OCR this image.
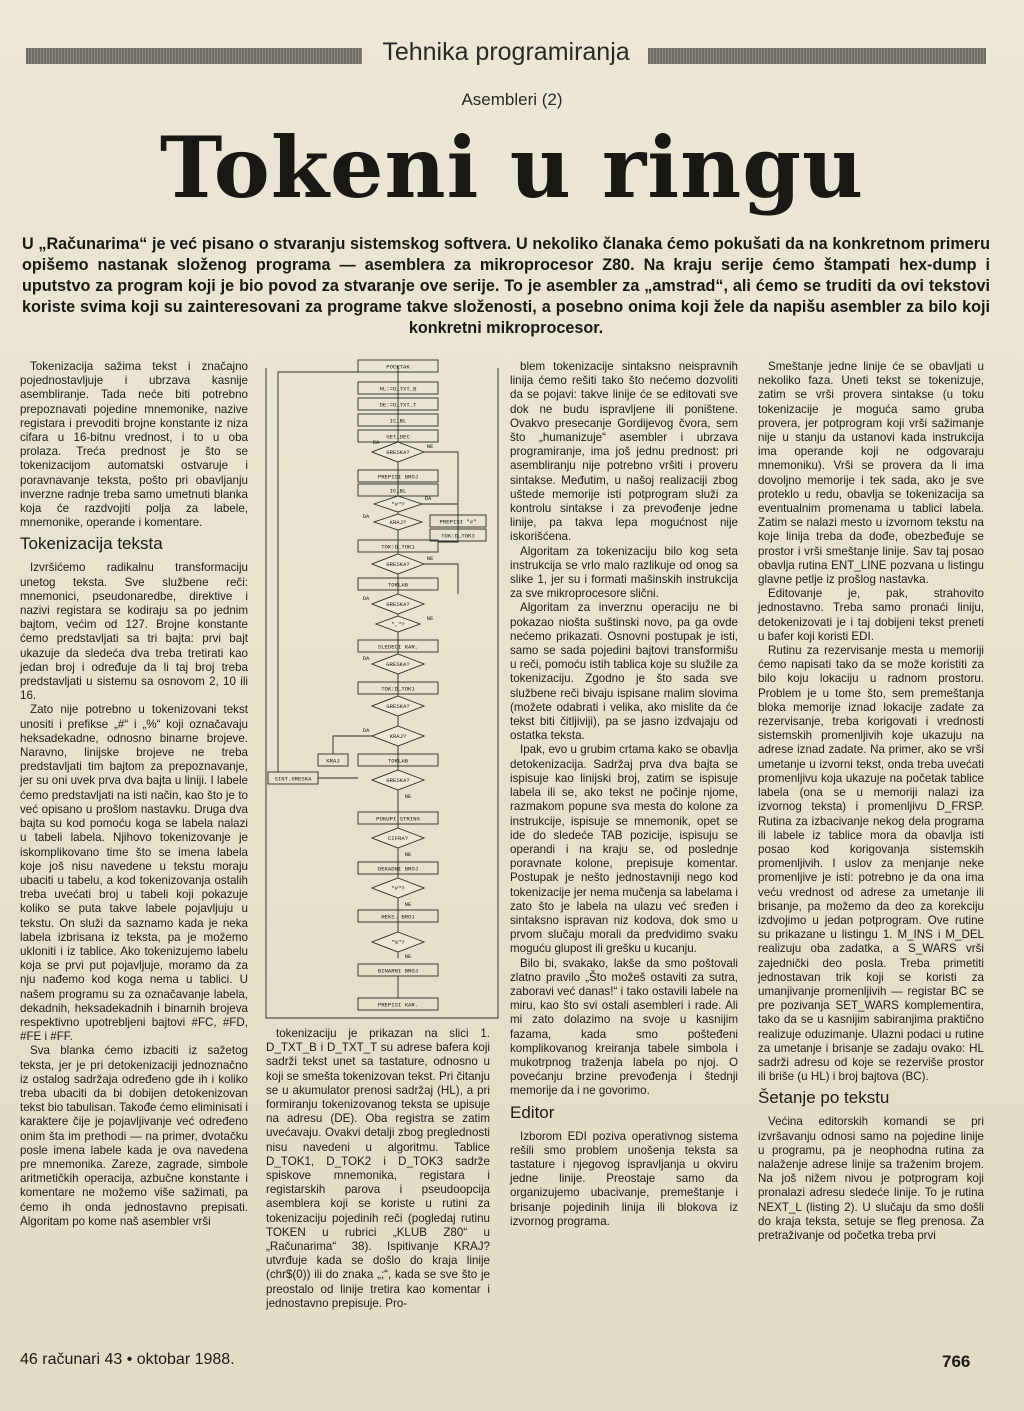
Tehnika programiranja
Asembleri (2)
Tokeni u ringu
U „Računarima“ je već pisano o stvaranju sistemskog softvera. U nekoliko članaka ćemo pokušati da na konkretnom primeru opišemo nastanak složenog programa — asemblera za mikroprocesor Z80. Na kraju serije ćemo štampati hex-dump i uputstvo za program koji je bio povod za stvaranje ove serije. To je asembler za „amstrad“, ali ćemo se truditi da ovi tekstovi koriste svima koji su zainteresovani za programe takve složenosti, a posebno onima koji žele da napišu asembler za bilo koji konkretni mikroprocesor.

Tokenizacija sažima tekst i značajno pojednostavljuje i ubrzava kasnije asembliranje. Tada neće biti potrebno prepoznavati pojedine mnemonike, nazive registara i prevoditi brojne konstante iz niza cifara u 16-bitnu vrednost, i to u oba prolaza. Treća prednost je što se tokenizacijom automatski ostvaruje i poravnavanje teksta, pošto pri obavljanju inverzne radnje treba samo umetnuti blanka koja će razdvojiti polja za labele, mnemonike, operande i komentare.

Tokenizacija teksta

Izvršićemo radikalnu transformaciju unetog teksta. Sve službene reči: mnemonici, pseudonaredbe, direktive i nazivi registara se kodiraju sa po jednim bajtom, većim od 127. Brojne konstante ćemo predstavljati sa tri bajta: prvi bajt ukazuje da sledeća dva treba tretirati kao jedan broj i određuje da li taj broj treba predstavljati u sistemu sa osnovom 2, 10 ili 16.

Zato nije potrebno u tokenizovani tekst unositi i prefikse „#“ i „%“ koji označavaju heksadekadne, odnosno binarne brojeve. Naravno, linijske brojeve ne treba predstavljati tim bajtom za prepoznavanje, jer su oni uvek prva dva bajta u liniji. I labele ćemo predstavljati na isti način, kao što je to već opisano u prošlom nastavku. Druga dva bajta su kod pomoću koga se labela nalazi u tabeli labela. Njihovo tokenizovanje je iskomplikovano time što se imena labela koje još nisu navedene u tekstu moraju ubaciti u tabelu, a kod tokenizovanja ostalih treba uvećati broj u tabeli koji pokazuje koliko se puta takve labele pojavljuju u tekstu. On služi da saznamo kada je neka labela izbrisana iz teksta, pa je možemo ukloniti i iz tablice. Ako tokenizujemo labelu koja se prvi put pojavljuje, moramo da za nju nađemo kod koga nema u tablici. U našem programu su za označavanje labela, dekadnih, heksadekadnih i binarnih brojeva respektivno upotrebljeni bajtovi #FC, #FD, #FE i #FF.

Sva blanka ćemo izbaciti iz sažetog teksta, jer je pri detokenizaciji jednoznačno iz ostalog sadržaja određeno gde ih i koliko treba ubaciti da bi dobijen detokenizovan tekst bio tabulisan. Takođe ćemo eliminisati i karaktere čije je pojavljivanje već određeno onim šta im prethodi — na primer, dvotačku posle imena labele kada je ova navedena pre mnemonika. Zareze, zagrade, simbole aritmetičkih operacija, azbučne konstante i komentare ne možemo više sažimati, pa ćemo ih onda jednostavno prepisati. Algoritam po kome naš asembler vrši

POCETAK
HL:=D_TXT_B
DE:=D_TXT_T
IC_BL
GET_DEC
GRESKA?
PREPISI BROJ
IC_BL
"#"?
KRAJ?	PREPISI "#"
TOK:D_TOK3
TOK:D_TOK1
GRESKA?
TOKLAB
GRESKA?
","?
SLEDECI KAR.
GRESKA?
TOK:D_TOK1
GRESKA?
KRAJ?
KRAJ	TOKLAB
SINT.GRESKA	GRESKA?
POKUPI STRING
CIFRA?
DEKADNI BROJ
"#"?
HEKS. BROJ
"%"?
BINARNI BROJ
PREPISI KAR.
DA
NE
DA
DA
NE
DA
NE
DA
DA
NE
NE
NE
NE

tokenizaciju je prikazan na slici 1. D_TXT_B i D_TXT_T su adrese bafera koji sadrži tekst unet sa tastature, odnosno u koji se smešta tokenizovan tekst. Pri čitanju se u akumulator prenosi sadržaj (HL), a pri formiranju tokenizovanog teksta se upisuje na adresu (DE). Oba registra se zatim uvećavaju. Ovakvi detalji zbog preglednosti nisu navedeni u algoritmu. Tablice D_TOK1, D_TOK2 i D_TOK3 sadrže spiskove mnemonika, registara i registarskih parova i pseudoopcija asemblera koji se koriste u rutini za tokenizaciju pojedinih reči (pogledaj rutinu TOKEN u rubrici „KLUB Z80“ u „Računarima“ 38). Ispitivanje KRAJ? utvrđuje kada se došlo do kraja linije (chr$(0)) ili do znaka „;“, kada se sve što je preostalo od linije tretira kao komentar i jednostavno prepisuje. Pro-

blem tokenizacije sintaksno neispravnih linija ćemo rešiti tako što nećemo dozvoliti da se pojavi: takve linije će se editovati sve dok ne budu ispravljene ili poništene. Ovakvo presecanje Gordijevog čvora, sem što „humanizuje“ asembler i ubrzava programiranje, ima još jednu prednost: pri asembliranju nije potrebno vršiti i proveru sintakse. Međutim, u našoj realizaciji zbog uštede memorije isti potprogram služi za kontrolu sintakse i za prevođenje jedne linije, pa takva lepa mogućnost nije iskorišćena.

Algoritam za tokenizaciju bilo kog seta instrukcija se vrlo malo razlikuje od onog sa slike 1, jer su i formati mašinskih instrukcija za sve mikroprocesore slični.

Algoritam za inverznu operaciju ne bi pokazao niošta suštinski novo, pa ga ovde nećemo prikazati. Osnovni postupak je isti, samo se sada pojedini bajtovi transformišu u reči, pomoću istih tablica koje su služile za tokenizaciju. Zgodno je što sada sve službene reči bivaju ispisane malim slovima (možete odabrati i velika, ako mislite da će tekst biti čitljiviji), pa se jasno izdvajaju od ostatka teksta.

Ipak, evo u grubim crtama kako se obavlja detokenizacija. Sadržaj prva dva bajta se ispisuje kao linijski broj, zatim se ispisuje labela ili se, ako tekst ne počinje njome, razmakom popune sva mesta do kolone za instrukcije, ispisuje se mnemonik, opet se ide do sledeće TAB pozicije, ispisuju se operandi i na kraju se, od poslednje poravnate kolone, prepisuje komentar. Postupak je nešto jednostavniji nego kod tokenizacije jer nema mučenja sa labelama i zato što je labela na ulazu već sređen i sintaksno ispravan niz kodova, dok smo u prvom slučaju morali da predvidimo svaku moguću glupost ili grešku u kucanju.

Bilo bi, svakako, lakše da smo poštovali zlatno pravilo „Što možeš ostaviti za sutra, zaboravi već danas!“ i tako ostavili labele na miru, kao što svi ostali asembleri i rade. Ali mi zato dolazimo na svoje u kasnijim fazama, kada smo pošteđeni komplikovanog kreiranja tabele simbola i mukotrpnog traženja labela po njoj. O povećanju brzine prevođenja i štednji memorije da i ne govorimo.

Editor

Izborom EDI poziva operativnog sistema rešili smo problem unošenja teksta sa tastature i njegovog ispravljanja u okviru jedne linije. Preostaje samo da organizujemo ubacivanje, premeštanje i brisanje pojedinih linija ili blokova iz izvornog programa.

Smeštanje jedne linije će se obavljati u nekoliko faza. Uneti tekst se tokenizuje, zatim se vrši provera sintakse (u toku tokenizacije je moguća samo gruba provera, jer potprogram koji vrši sažimanje nije u stanju da ustanovi kada instrukcija ima operande koji ne odgovaraju mnemoniku). Vrši se provera da li ima dovoljno memorije i tek sada, ako je sve proteklo u redu, obavlja se tokenizacija sa eventualnim promenama u tablici labela. Zatim se nalazi mesto u izvornom tekstu na koje linija treba da dođe, obezbeđuje se prostor i vrši smeštanje linije. Sav taj posao obavlja rutina ENT_LINE pozvana u listingu glavne petlje iz prošlog nastavka.

Editovanje je, pak, strahovito jednostavno. Treba samo pronaći liniju, detokenizovati je i taj dobijeni tekst preneti u bafer koji koristi EDI.

Rutinu za rezervisanje mesta u memoriji ćemo napisati tako da se može koristiti za bilo koju lokaciju u radnom prostoru. Problem je u tome što, sem premeštanja bloka memorije iznad lokacije zadate za rezervisanje, treba korigovati i vrednosti sistemskih promenljivih koje ukazuju na adrese iznad zadate. Na primer, ako se vrši umetanje u izvorni tekst, onda treba uvećati promenljivu koja ukazuje na početak tablice labela (ona se u memoriji nalazi iza izvornog teksta) i promenljivu D_FRSP. Rutina za izbacivanje nekog dela programa ili labele iz tablice mora da obavlja isti posao kod korigovanja sistemskih promenljivih. I uslov za menjanje neke promenljive je isti: potrebno je da ona ima veću vrednost od adrese za umetanje ili brisanje, pa možemo da deo za korekciju izdvojimo u jedan potprogram. Ove rutine su prikazane u listingu 1. M_INS i M_DEL realizuju oba zadatka, a S_WARS vrši zajednički deo posla. Treba primetiti jednostavan trik koji se koristi za umanjivanje promenljivih — registar BC se pre pozivanja SET_WARS komplementira, tako da se u kasnijim sabiranjima praktično realizuje oduzimanje. Ulazni podaci u rutine za umetanje i brisanje se zadaju ovako: HL sadrži adresu od koje se rezerviše prostor ili briše (u HL) i broj bajtova (BC).

Šetanje po tekstu

Većina editorskih komandi se pri izvršavanju odnosi samo na pojedine linije u programu, pa je neophodna rutina za nalaženje adrese linije sa traženim brojem. Na još nižem nivou je potprogram koji pronalazi adresu sledeće linije. To je rutina NEXT_L (listing 2). U slučaju da smo došli do kraja teksta, setuje se fleg prenosa. Za pretraživanje od početka treba prvi

46 računari 43 • oktobar 1988.	766
